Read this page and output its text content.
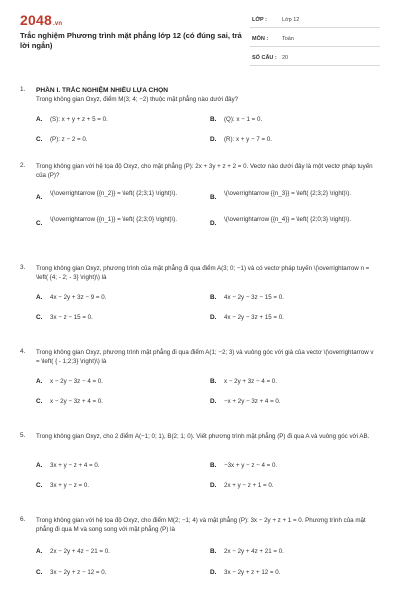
2048.vn
Trắc nghiệm Phương trình mặt phẳng lớp 12 (có đúng sai, trả lời ngắn)
LỚP :	Lớp 12
MÔN :	Toán
SỐ CÂU : 20
1. PHẦN I. TRẮC NGHIỆM NHIỀU LỰA CHỌN
Trong không gian Oxyz, điểm M(3; 4; −2) thuộc mặt phẳng nào dưới đây?
A. (S): x + y + z + 5 = 0.	B. (Q): x − 1 = 0.
C. (P): z − 2 = 0.	D. (R): x + y − 7 = 0.
2. Trong không gian với hệ tọa độ Oxyz, cho mặt phẳng (P): 2x + 3y + z + 2 = 0. Vectơ nào dưới đây là một vectơ pháp tuyến của (P)?
A.
\(\overrightarrow {{n_2}} = \left( {2;3;1} \right)\).
B.
\(\overrightarrow {{n_3}} = \left( {2;3;2} \right)\).
C.
\(\overrightarrow {{n_1}} = \left( {2;3;0} \right)\).
D.
\(\overrightarrow {{n_4}} = \left( {2;0;3} \right)\).
3. Trong không gian Oxyz, phương trình của mặt phẳng đi qua điểm A(3; 0; −1) và có vectơ pháp tuyến \(\overrightarrow n = \left( {4; - 2; - 3} \right)\) là
A. 4x − 2y + 3z − 9 = 0.	B. 4x − 2y − 3z − 15 = 0.
C. 3x − z − 15 = 0.	D. 4x − 2y − 3z + 15 = 0.
4. Trong không gian Oxyz, phương trình mặt phẳng đi qua điểm A(1; −2; 3) và vuông góc với giá của vectơ \(\overrightarrow v = \left( { - 1;2;3} \right)\) là
A. x − 2y − 3z − 4 = 0.	B. x − 2y + 3z − 4 = 0.
C. x − 2y − 3z + 4 = 0.	D. −x + 2y − 3z + 4 = 0.
5. Trong không gian Oxyz, cho 2 điểm A(−1; 0; 1), B(2; 1; 0). Viết phương trình mặt phẳng (P) đi qua A và vuông góc với AB.
A. 3x + y − z + 4 = 0.	B. −3x + y − z − 4 = 0.
C. 3x + y − z = 0.	D. 2x + y − z + 1 = 0.
6. Trong không gian với hệ tọa độ Oxyz, cho điểm M(2; −1; 4) và mặt phẳng (P): 3x − 2y + z + 1 = 0. Phương trình của mặt phẳng đi qua M và song song với mặt phẳng (P) là
A. 2x − 2y + 4z − 21 = 0.	B. 2x − 2y + 4z + 21 = 0.
C. 3x − 2y + z − 12 = 0.	D. 3x − 2y + z + 12 = 0.
